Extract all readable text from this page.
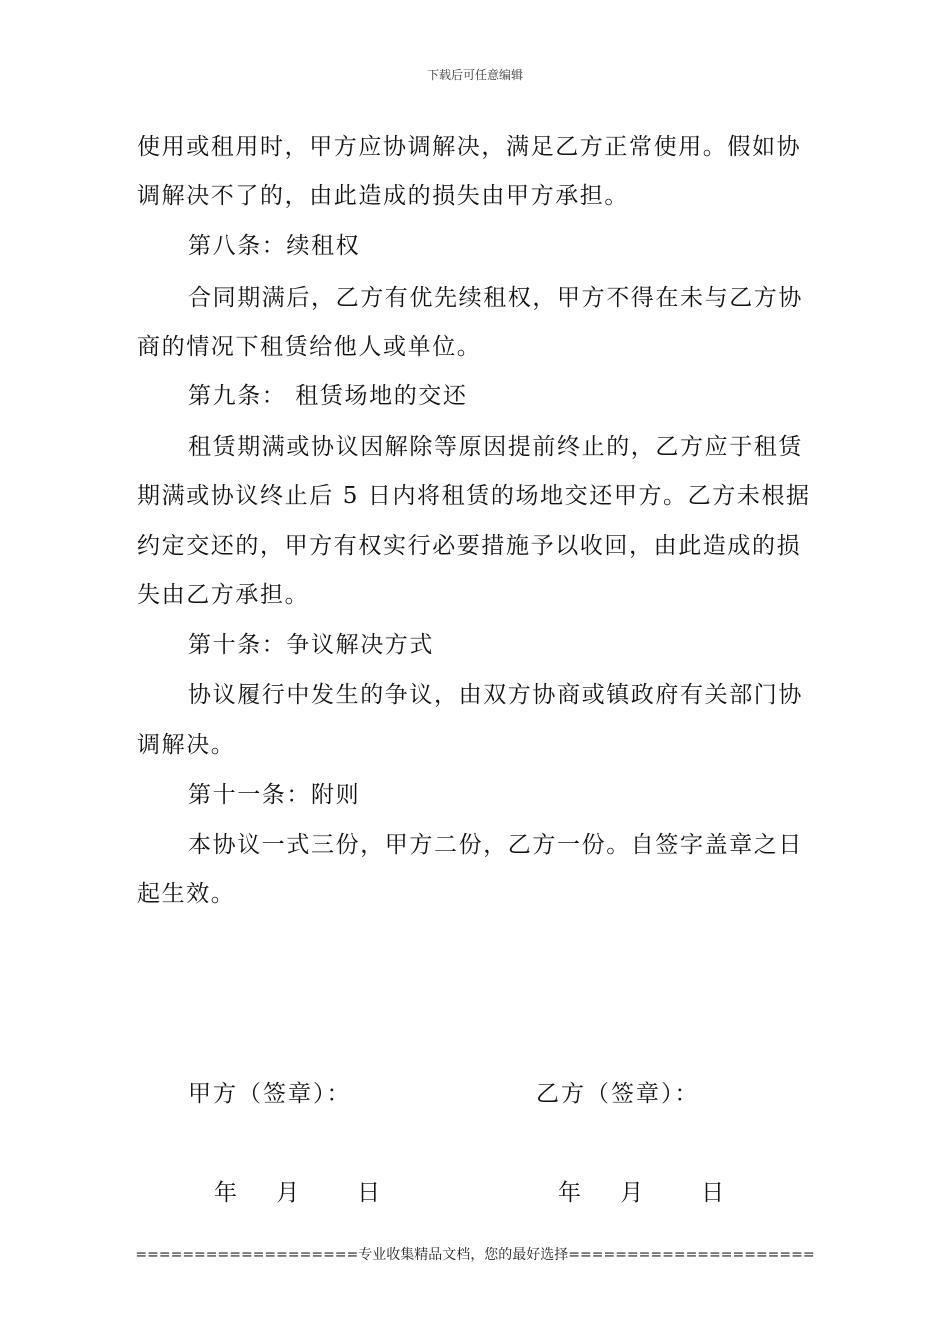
下载后可任意编辑
使用或租用时，甲方应协调解决，满足乙方正常使用。假如协
调解决不了的，由此造成的损失由甲方承担。
第八条：续租权
合同期满后，乙方有优先续租权，甲方不得在未与乙方协
商的情况下租赁给他人或单位。
第九条： 租赁场地的交还
租赁期满或协议因解除等原因提前终止的，乙方应于租赁
期满或协议终止后 5 日内将租赁的场地交还甲方。乙方未根据
约定交还的，甲方有权实行必要措施予以收回，由此造成的损
失由乙方承担。
第十条：争议解决方式
协议履行中发生的争议，由双方协商或镇政府有关部门协
调解决。
第十一条：附则
本协议一式三份，甲方二份，乙方一份。自签字盖章之日
起生效。
甲方（签章）：	乙方（签章）：
年    月      日	年    月      日
===================专业收集精品文档，您的最好选择=====================
